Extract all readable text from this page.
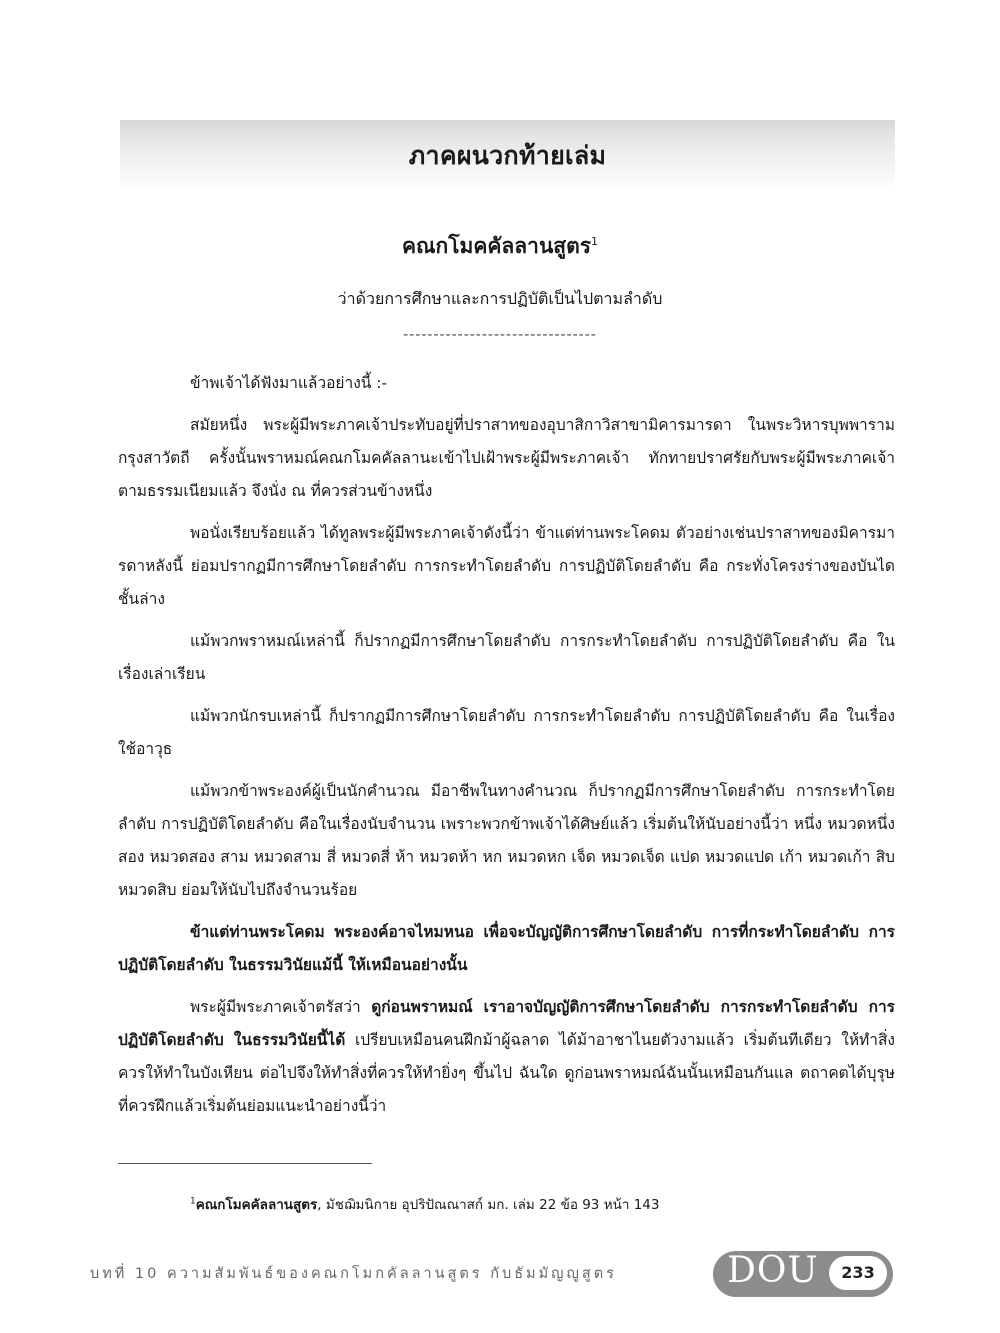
ภาคผนวกท้ายเล่ม
คณกโมคคัลลานสูตร$^1$
ว่าด้วยการศึกษาและการปฏิบัติเป็นไปตามลำดับ
--------------------------------

ข้าพเจ้าได้ฟังมาแล้วอย่างนี้ :-

สมัยหนึ่ง พระผู้มีพระภาคเจ้าประทับอยู่ที่ปราสาทของอุบาสิกาวิสาขามิคารมารดา ในพระวิหารบุพพาราม กรุงสาวัตถี ครั้งนั้นพราหมณ์คณกโมคคัลลานะเข้าไปเฝ้าพระผู้มีพระภาคเจ้า ทักทายปราศรัยกับพระผู้มีพระภาคเจ้า ตามธรรมเนียมแล้ว จึงนั่ง ณ ที่ควรส่วนข้างหนึ่ง

พอนั่งเรียบร้อยแล้ว ได้ทูลพระผู้มีพระภาคเจ้าดังนี้ว่า ข้าแต่ท่านพระโคดม ตัวอย่างเช่นปราสาทของมิคารมารดาหลังนี้ ย่อมปรากฏมีการศึกษาโดยลำดับ การกระทำโดยลำดับ การปฏิบัติโดยลำดับ คือ กระทั่งโครงร่างของบันไดชั้นล่าง

แม้พวกพราหมณ์เหล่านี้ ก็ปรากฏมีการศึกษาโดยลำดับ การกระทำโดยลำดับ การปฏิบัติโดยลำดับ คือ ในเรื่องเล่าเรียน

แม้พวกนักรบเหล่านี้ ก็ปรากฏมีการศึกษาโดยลำดับ การกระทำโดยลำดับ การปฏิบัติโดยลำดับ คือ ในเรื่องใช้อาวุธ

แม้พวกข้าพระองค์ผู้เป็นนักคำนวณ มีอาชีพในทางคำนวณ ก็ปรากฏมีการศึกษาโดยลำดับ การกระทำโดยลำดับ การปฏิบัติโดยลำดับ คือในเรื่องนับจำนวน เพราะพวกข้าพเจ้าได้ศิษย์แล้ว เริ่มต้นให้นับอย่างนี้ว่า หนึ่ง หมวดหนึ่ง สอง หมวดสอง สาม หมวดสาม สี่ หมวดสี่ ห้า หมวดห้า หก หมวดหก เจ็ด หมวดเจ็ด แปด หมวดแปด เก้า หมวดเก้า สิบหมวดสิบ ย่อมให้นับไปถึงจำนวนร้อย

ข้าแต่ท่านพระโคดม พระองค์อาจไหมหนอ เพื่อจะบัญญัติการศึกษาโดยลำดับ การที่กระทำโดยลำดับ การปฏิบัติโดยลำดับ ในธรรมวินัยแม้นี้ ให้เหมือนอย่างนั้น

พระผู้มีพระภาคเจ้าตรัสว่า ดูก่อนพราหมณ์ เราอาจบัญญัติการศึกษาโดยลำดับ การกระทำโดยลำดับ การปฏิบัติโดยลำดับ ในธรรมวินัยนี้ได้ เปรียบเหมือนคนฝึกม้าผู้ฉลาด ได้ม้าอาชาไนยตัวงามแล้ว เริ่มต้นทีเดียว ให้ทำสิ่งควรให้ทำในบังเหียน ต่อไปจึงให้ทำสิ่งที่ควรให้ทำยิ่งๆ ขึ้นไป ฉันใด ดูก่อนพราหมณ์ฉันนั้นเหมือนกันแล ตถาคตได้บุรุษที่ควรฝึกแล้วเริ่มต้นย่อมแนะนำอย่างนี้ว่า

$^1$คณกโมคคัลลานสูตร, มัชฌิมนิกาย อุปริปัณณาสก์ มก. เล่ม 22 ข้อ 93 หน้า 143
บทที่ 10 ความสัมพันธ์ของคณกโมกคัลลานสูตร กับธัมมัญญูสูตร	DOU	233
